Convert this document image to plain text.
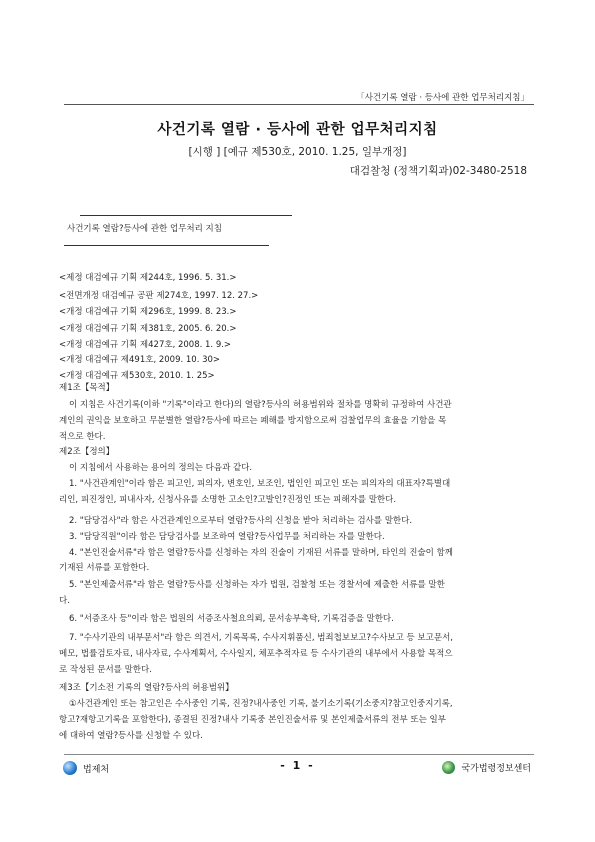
「사건기록 열람 · 등사에 관한 업무처리지침」
사건기록 열람 · 등사에 관한 업무처리지침
[시행 ] [예규 제530호, 2010. 1.25, 일부개정]
대검찰청 (정책기획과)02-3480-2518
사건기록 열람?등사에 관한 업무처리 지침
<제정 대검예규 기획 제244호, 1996. 5. 31.>
<전면개정 대검예규 공판 제274호, 1997. 12. 27.>
<개정 대검예규 기획 제296호, 1999. 8. 23.>
<개정 대검예규 기획 제381호, 2005. 6. 20.>
<개정 대검예규 기획 제427호, 2008. 1. 9.>
<개정 대검예규 제491호, 2009. 10. 30>
<개정 대검예규 제530호, 2010. 1. 25>
제1조【목적】
이 지침은 사건기록(이하 "기록"이라고 한다)의 열람?등사의 허용범위와 절차를 명확히 규정하여 사건관
계인의 권익을 보호하고 무분별한 열람?등사에 따르는 폐해를 방지함으로써 검찰업무의 효율을 기함을 목
적으로 한다.
제2조【정의】
이 지침에서 사용하는 용어의 정의는 다음과 같다.
1. "사건관계인"이라 함은 피고인, 피의자, 변호인, 보조인, 법인인 피고인 또는 피의자의 대표자?특별대
리인, 피진정인, 피내사자, 신청사유를 소명한 고소인?고발인?진정인 또는 피해자를 말한다.
2. "담당검사"라 함은 사건관계인으로부터 열람?등사의 신청을 받아 처리하는 검사를 말한다.
3. "담당직원"이라 함은 담당검사를 보조하여 열람?등사업무를 처리하는 자를 말한다.
4. "본인진술서류"라 함은 열람?등사를 신청하는 자의 진술이 기재된 서류를 말하며, 타인의 진술이 함께
기재된 서류를 포함한다.
5. "본인제출서류"라 함은 열람?등사를 신청하는 자가 법원, 검찰청 또는 경찰서에 제출한 서류를 말한
다.
6. "서증조사 등"이라 함은 법원의 서증조사철요의뢰, 문서송부촉탁, 기록검증을 말한다.
7. "수사기관의 내부문서"라 함은 의견서, 기록목록, 수사지휘품신, 범죄첩보보고?수사보고 등 보고문서,
메모, 법률검토자료, 내사자료, 수사계획서, 수사일지, 체포추적자료 등 수사기관의 내부에서 사용할 목적으
로 작성된 문서를 말한다.
제3조【기소전 기록의 열람?등사의 허용범위】
①사건관계인 또는 참고인은 수사중인 기록, 진정?내사중인 기록, 불기소기록(기소중지?참고인중지기록,
항고?재항고기록을 포함한다), 종결된 진정?내사 기록중 본인진술서류 및 본인제출서류의 전부 또는 일부
에 대하여 열람?등사를 신청할 수 있다.
법제처	- 1 -	국가법령정보센터
